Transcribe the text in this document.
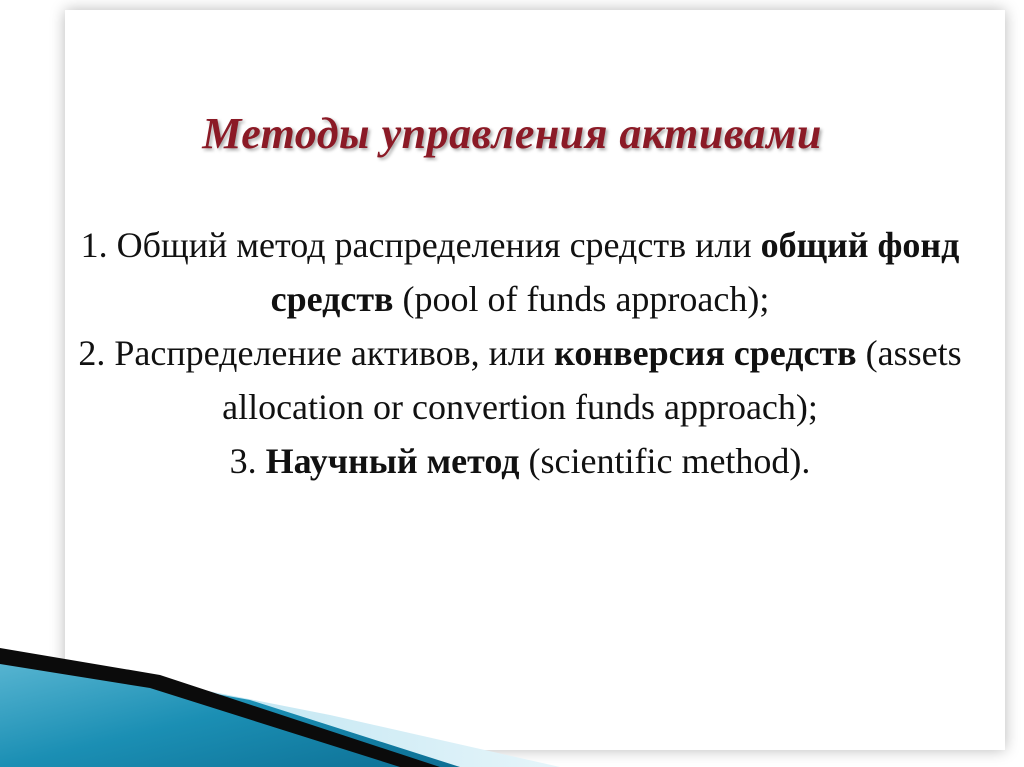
Методы управления активами
1. Общий метод распределения средств или общий фонд средств (pool of funds approach);
2. Распределение активов, или конверсия средств (assets allocation or convertion funds approach);
3. Научный метод (scientific method).
